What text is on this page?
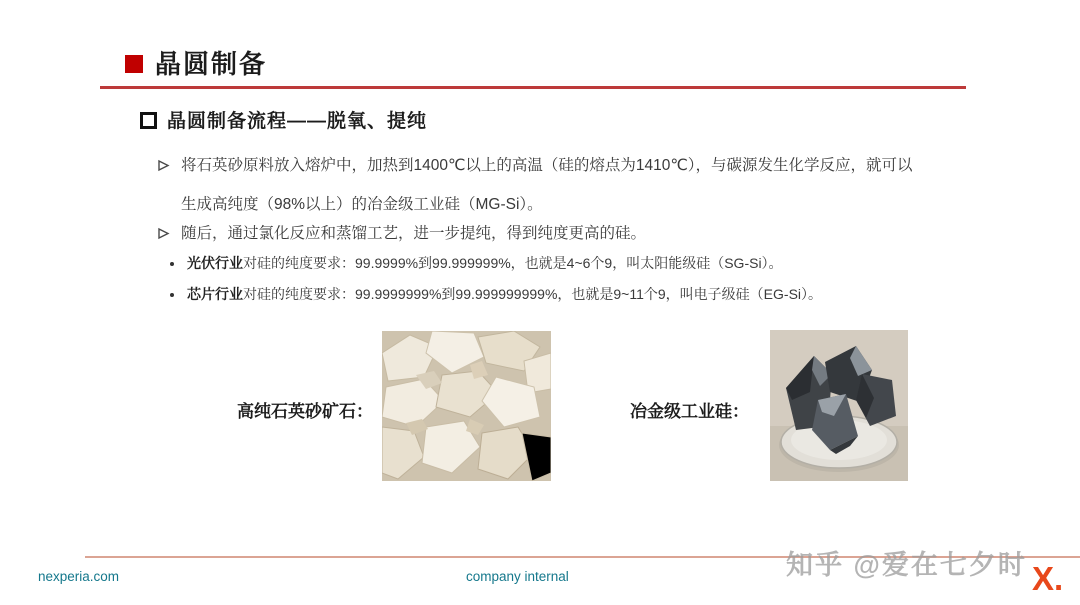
晶圆制备
晶圆制备流程——脱氧、提纯

将石英砂原料放入熔炉中，加热到1400℃以上的高温（硅的熔点为1410℃），与碳源发生化学反应，就可以生成高纯度（98%以上）的冶金级工业硅（MG-Si）。

随后，通过氯化反应和蒸馏工艺，进一步提纯，得到纯度更高的硅。

光伏行业对硅的纯度要求：99.9999%到99.999999%，也就是4~6个9，叫太阳能级硅（SG-Si）。

芯片行业对硅的纯度要求：99.9999999%到99.999999999%，也就是9~11个9，叫电子级硅（EG-Si）。

高纯石英砂矿石：	冶金级工业硅：
nexperia.com	company internal	知乎 @爱在七夕时 X.
